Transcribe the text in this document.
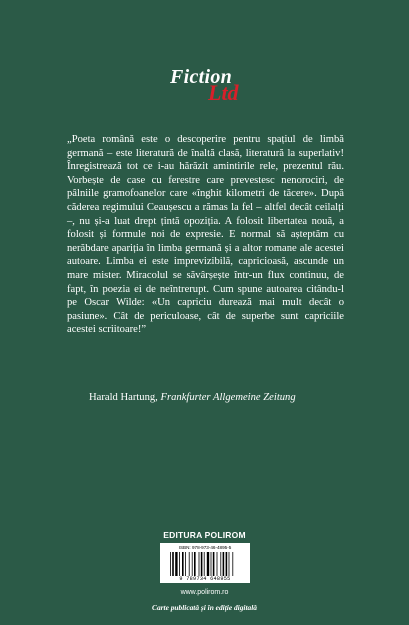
Fiction
Ltd

„Poeta română este o descoperire pentru spațiul de limbă germană – este literatură de înaltă clasă, literatură la superlativ! Înregistrează tot ce i-au hărăzit amintirile rele, prezentul rău. Vorbește de case cu ferestre care prevestesc nenorociri, de pâlniile gramofoanelor care «înghit kilometri de tăcere». După căderea regimului Ceaușescu a rămas la fel – altfel decât ceilalți –, nu și-a luat drept țintă opoziția. A folosit libertatea nouă, a folosit și formule noi de expresie. E normal să așteptăm cu nerăbdare apariția în limba germană și a altor romane ale acestei autoare. Limba ei este imprevizibilă, capricioasă, ascunde un mare mister. Miracolul se săvârșește într-un flux continuu, de fapt, în poezia ei de neîntrerupt. Cum spune autoarea citându-l pe Oscar Wilde: «Un capriciu durează mai mult decât o pasiune». Cât de periculoase, cât de superbe sunt capriciile acestei scriitoare!”

Harald Hartung, Frankfurter Allgemeine Zeitung
EDITURA POLIROM
ISBN: 978-973-46-4895-5
9 789734 648955
www.polirom.ro
Carte publicată și în ediție digitală
